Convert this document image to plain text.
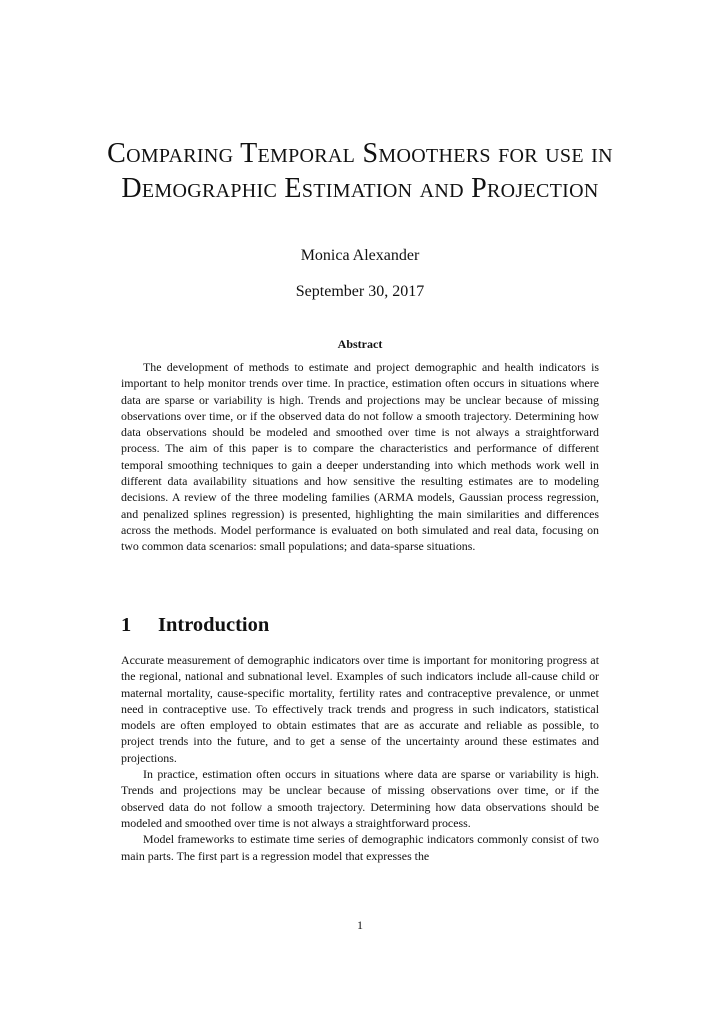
Comparing Temporal Smoothers for use in Demographic Estimation and Projection

Monica Alexander

September 30, 2017

Abstract

The development of methods to estimate and project demographic and health indicators is important to help monitor trends over time. In practice, estimation often occurs in situations where data are sparse or variability is high. Trends and projections may be unclear because of missing observations over time, or if the observed data do not follow a smooth trajectory. Determining how data observations should be modeled and smoothed over time is not always a straightforward process. The aim of this paper is to compare the characteristics and performance of different temporal smoothing techniques to gain a deeper understanding into which methods work well in different data availability situations and how sensitive the resulting estimates are to modeling decisions. A review of the three modeling families (ARMA models, Gaussian process regression, and penalized splines regression) is presented, highlighting the main similarities and differences across the methods. Model performance is evaluated on both simulated and real data, focusing on two common data scenarios: small populations; and data-sparse situations.

1 Introduction

Accurate measurement of demographic indicators over time is important for monitoring progress at the regional, national and subnational level. Examples of such indicators include all-cause child or maternal mortality, cause-specific mortality, fertility rates and contraceptive prevalence, or unmet need in contraceptive use. To effectively track trends and progress in such indicators, statistical models are often employed to obtain estimates that are as accurate and reliable as possible, to project trends into the future, and to get a sense of the uncertainty around these estimates and projections.

In practice, estimation often occurs in situations where data are sparse or variability is high. Trends and projections may be unclear because of missing observations over time, or if the observed data do not follow a smooth trajectory. Determining how data observations should be modeled and smoothed over time is not always a straightforward process.

Model frameworks to estimate time series of demographic indicators commonly consist of two main parts. The first part is a regression model that expresses the

1
